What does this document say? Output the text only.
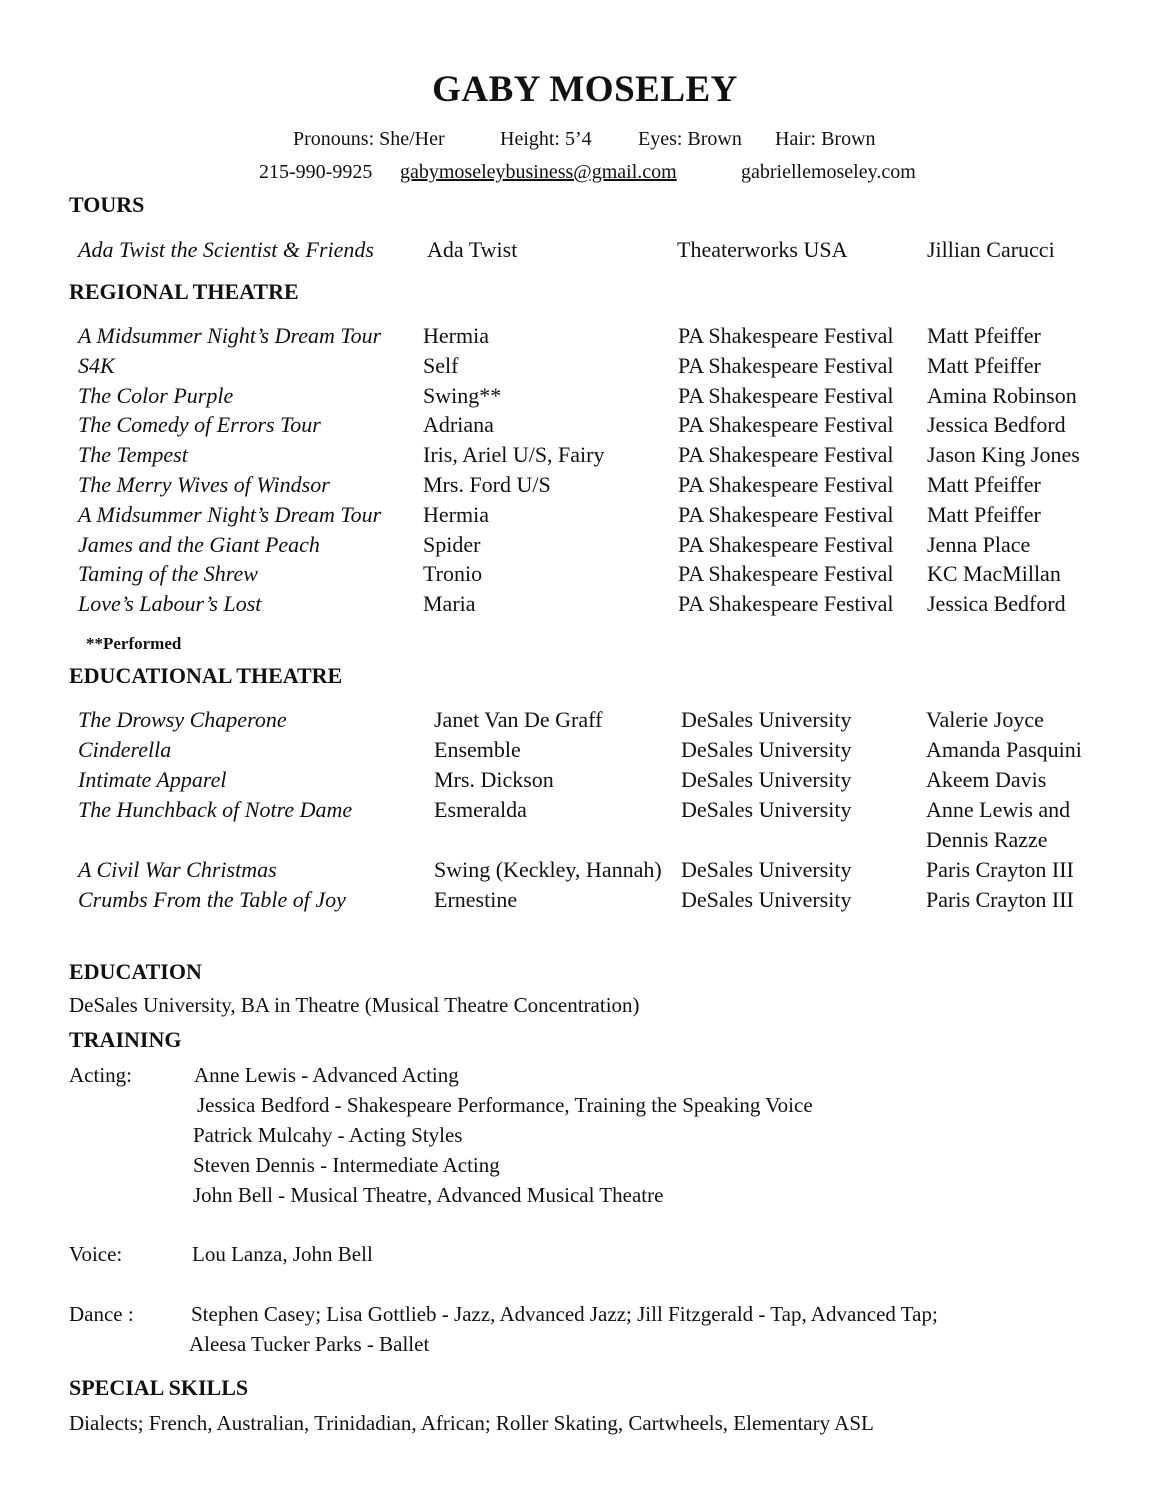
GABY MOSELEY
Pronouns: She/Her	Height: 5’4 Eyes: Brown Hair: Brown
215-990-9925 gabymoseleybusiness@gmail.com	gabriellemoseley.com
TOURS
Ada Twist the Scientist & Friends Ada Twist	Theaterworks USA	Jillian Carucci
REGIONAL THEATRE
A Midsummer Night’s Dream Tour Hermia	PA Shakespeare Festival Matt Pfeiffer
S4K	Self	PA Shakespeare Festival Matt Pfeiffer
The Color Purple	Swing**	PA Shakespeare Festival Amina Robinson
The Comedy of Errors Tour	Adriana	PA Shakespeare Festival Jessica Bedford
The Tempest	Iris, Ariel U/S, Fairy	PA Shakespeare Festival Jason King Jones
The Merry Wives of Windsor	Mrs. Ford U/S	PA Shakespeare Festival Matt Pfeiffer
A Midsummer Night’s Dream Tour Hermia	PA Shakespeare Festival Matt Pfeiffer
James and the Giant Peach	Spider	PA Shakespeare Festival Jenna Place
Taming of the Shrew	Tronio	PA Shakespeare Festival KC MacMillan
Love’s Labour’s Lost	Maria	PA Shakespeare Festival Jessica Bedford
**Performed
EDUCATIONAL THEATRE
The Drowsy Chaperone	Janet Van De Graff	DeSales University	Valerie Joyce
Cinderella	Ensemble	DeSales University	Amanda Pasquini
Intimate Apparel	Mrs. Dickson	DeSales University	Akeem Davis
The Hunchback of Notre Dame	Esmeralda	DeSales University	Anne Lewis and
Dennis Razze
A Civil War Christmas	Swing (Keckley, Hannah) DeSales University	Paris Crayton III
Crumbs From the Table of Joy	Ernestine	DeSales University	Paris Crayton III
EDUCATION
DeSales University, BA in Theatre (Musical Theatre Concentration)
TRAINING
Acting:	Anne Lewis - Advanced Acting
Jessica Bedford - Shakespeare Performance, Training the Speaking Voice
Patrick Mulcahy - Acting Styles
Steven Dennis - Intermediate Acting
John Bell - Musical Theatre, Advanced Musical Theatre
Voice:	Lou Lanza, John Bell
Dance :	Stephen Casey; Lisa Gottlieb - Jazz, Advanced Jazz; Jill Fitzgerald - Tap, Advanced Tap;
Aleesa Tucker Parks - Ballet
SPECIAL SKILLS
Dialects; French, Australian, Trinidadian, African; Roller Skating, Cartwheels, Elementary ASL
